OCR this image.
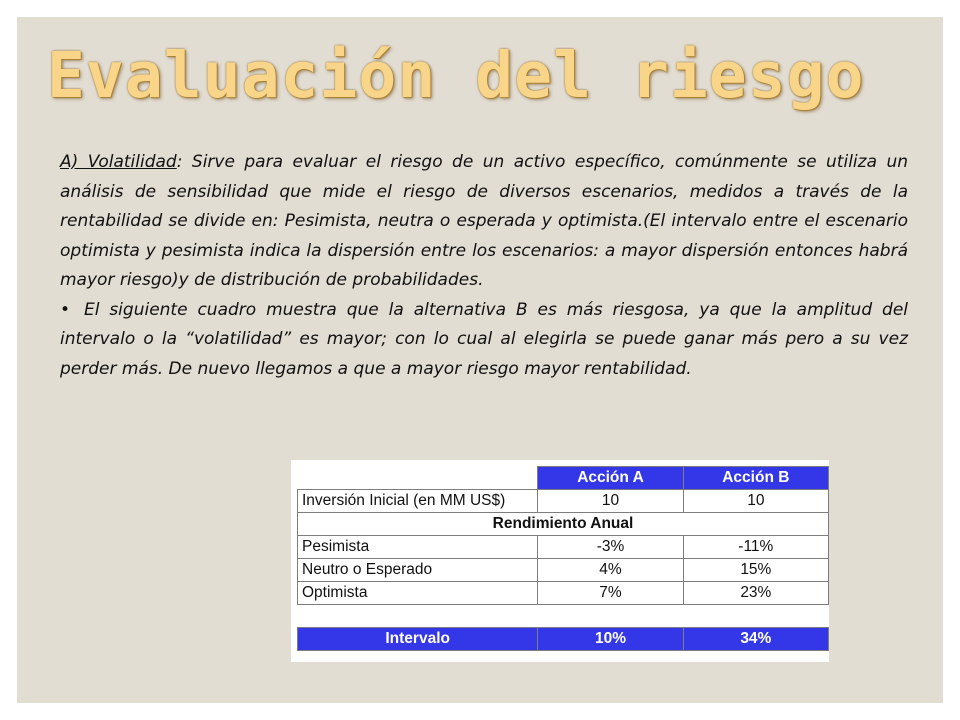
Evaluación del riesgo

A) Volatilidad: Sirve para evaluar el riesgo de un activo específico, comúnmente se utiliza un análisis de sensibilidad que mide el riesgo de diversos escenarios, medidos a través de la rentabilidad se divide en: Pesimista, neutra o esperada y optimista.(El intervalo entre el escenario optimista y pesimista indica la dispersión entre los escenarios: a mayor dispersión entonces habrá mayor riesgo)y de distribución de probabilidades.

• El siguiente cuadro muestra que la alternativa B es más riesgosa, ya que la amplitud del intervalo o la “volatilidad” es mayor; con lo cual al elegirla se puede ganar más pero a su vez perder más. De nuevo llegamos a que a mayor riesgo mayor rentabilidad.

	Acción A	Acción B
Inversión Inicial (en MM US$)	10	10
Rendimiento Anual		
Pesimista	-3%	-11%
Neutro o Esperado	4%	15%
Optimista	7%	23%

Intervalo	10%	34%
